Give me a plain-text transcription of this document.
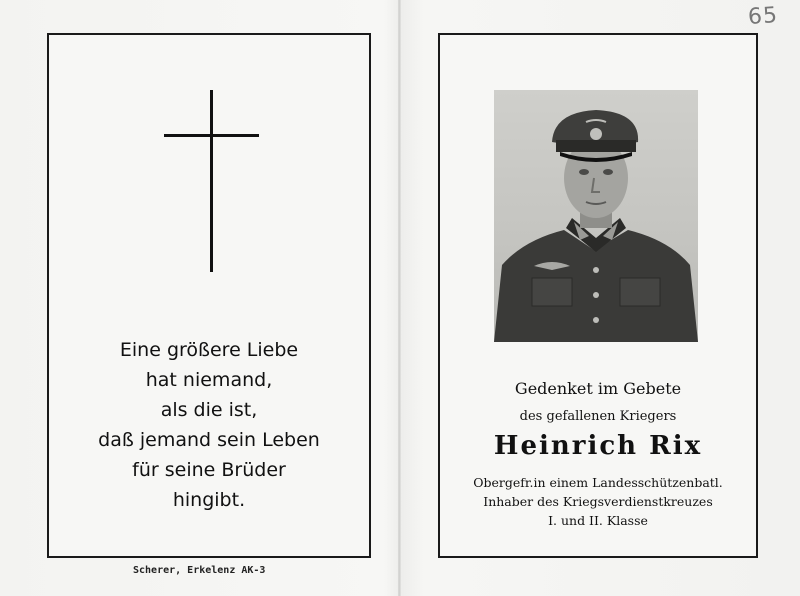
65
Eine größere Liebe
hat niemand,
als die ist,
daß jemand sein Leben
für seine Brüder
hingibt.
Gedenket im Gebete
des gefallenen Kriegers
Heinrich Rix
Obergefr.in einem Landesschützenbatl.
Inhaber des Kriegsverdienstkreuzes
I. und II. Klasse
Scherer, Erkelenz AK-3
